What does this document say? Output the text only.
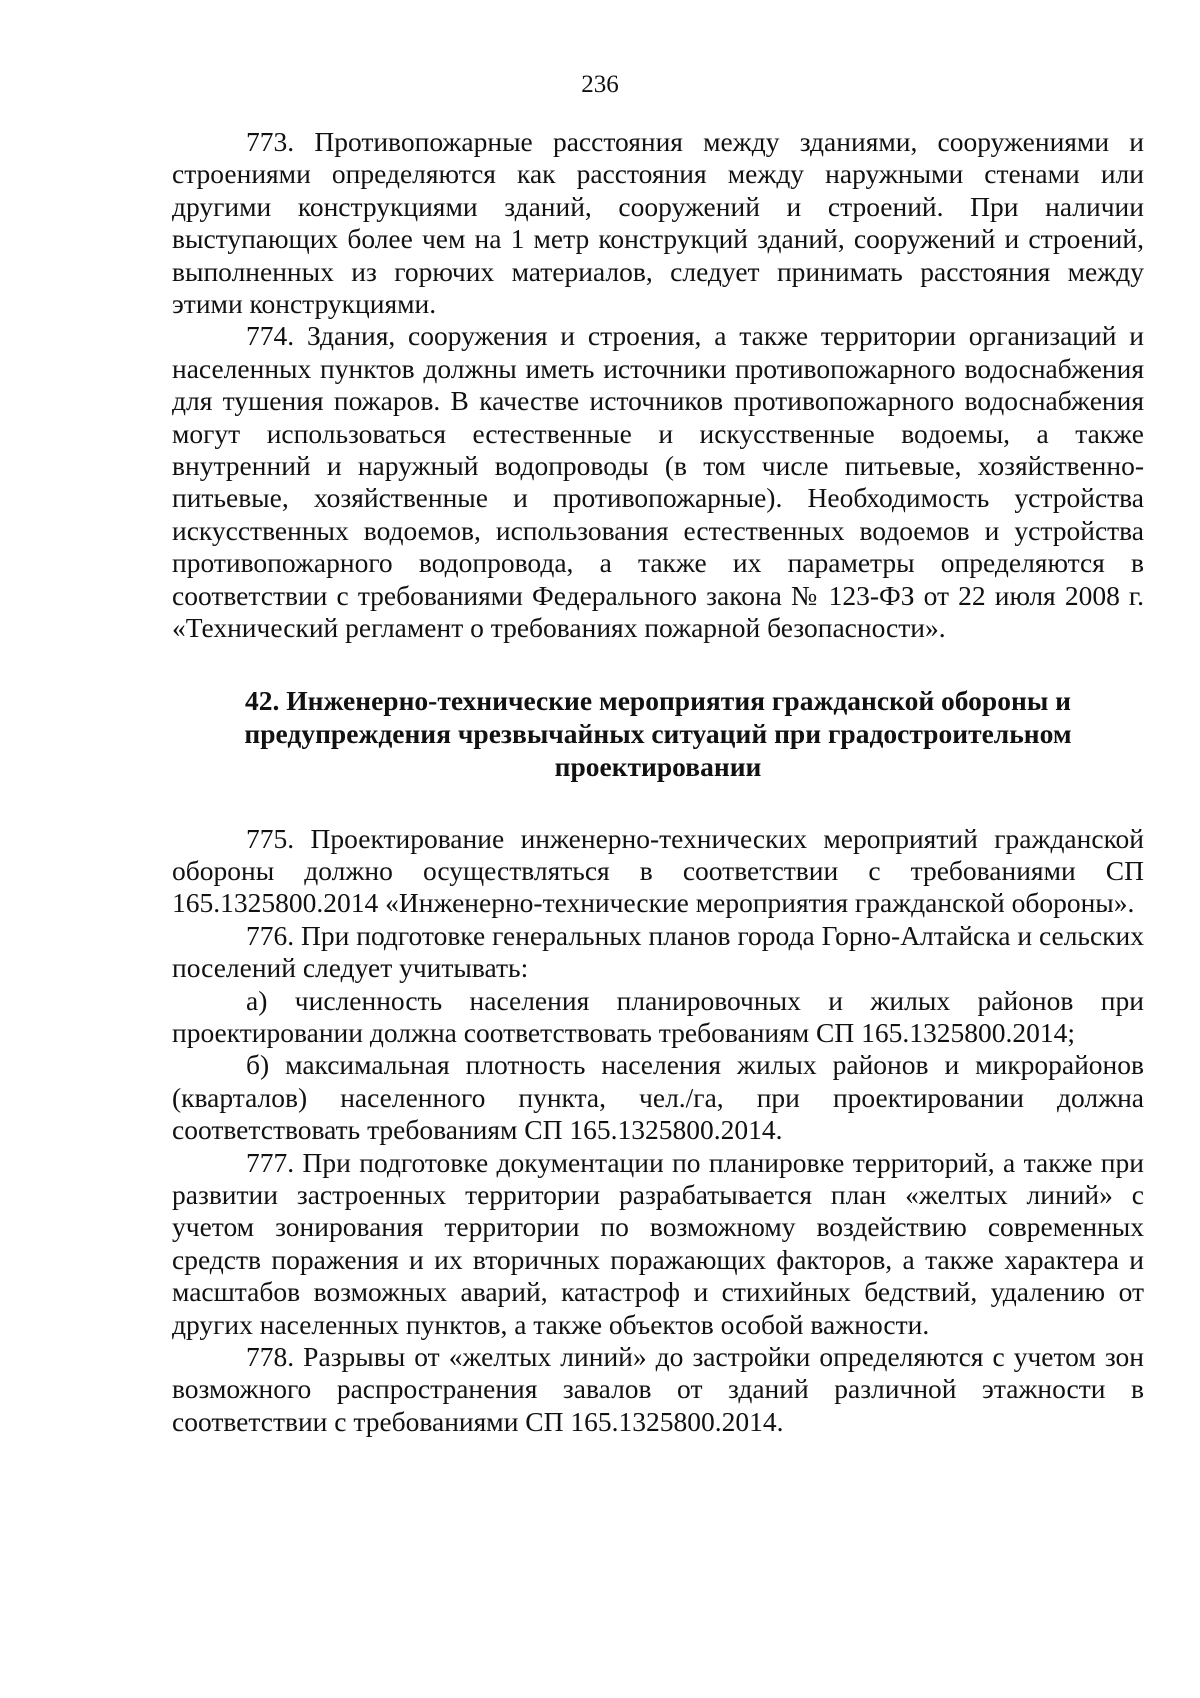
236

773. Противопожарные расстояния между зданиями, сооружениями и строениями определяются как расстояния между наружными стенами или другими конструкциями зданий, сооружений и строений. При наличии выступающих более чем на 1 метр конструкций зданий, сооружений и строений, выполненных из горючих материалов, следует принимать расстояния между этими конструкциями.

774. Здания, сооружения и строения, а также территории организаций и населенных пунктов должны иметь источники противопожарного водоснабжения для тушения пожаров. В качестве источников противопожарного водоснабжения могут использоваться естественные и искусственные водоемы, а также внутренний и наружный водопроводы (в том числе питьевые, хозяйственно-питьевые, хозяйственные и противопожарные). Необходимость устройства искусственных водоемов, использования естественных водоемов и устройства противопожарного водопровода, а также их параметры определяются в соответствии с требованиями Федерального закона № 123-ФЗ от 22 июля 2008 г. «Технический регламент о требованиях пожарной безопасности».

42. Инженерно-технические мероприятия гражданской обороны и предупреждения чрезвычайных ситуаций при градостроительном проектировании

775. Проектирование инженерно-технических мероприятий гражданской обороны должно осуществляться в соответствии с требованиями СП 165.1325800.2014 «Инженерно-технические мероприятия гражданской обороны».

776. При подготовке генеральных планов города Горно-Алтайска и сельских поселений следует учитывать:

а) численность населения планировочных и жилых районов при проектировании должна соответствовать требованиям СП 165.1325800.2014;

б) максимальная плотность населения жилых районов и микрорайонов (кварталов) населенного пункта, чел./га, при проектировании должна соответствовать требованиям СП 165.1325800.2014.

777. При подготовке документации по планировке территорий, а также при развитии застроенных территории разрабатывается план «желтых линий» с учетом зонирования территории по возможному воздействию современных средств поражения и их вторичных поражающих факторов, а также характера и масштабов возможных аварий, катастроф и стихийных бедствий, удалению от других населенных пунктов, а также объектов особой важности.

778. Разрывы от «желтых линий» до застройки определяются с учетом зон возможного распространения завалов от зданий различной этажности в соответствии с требованиями СП 165.1325800.2014.
